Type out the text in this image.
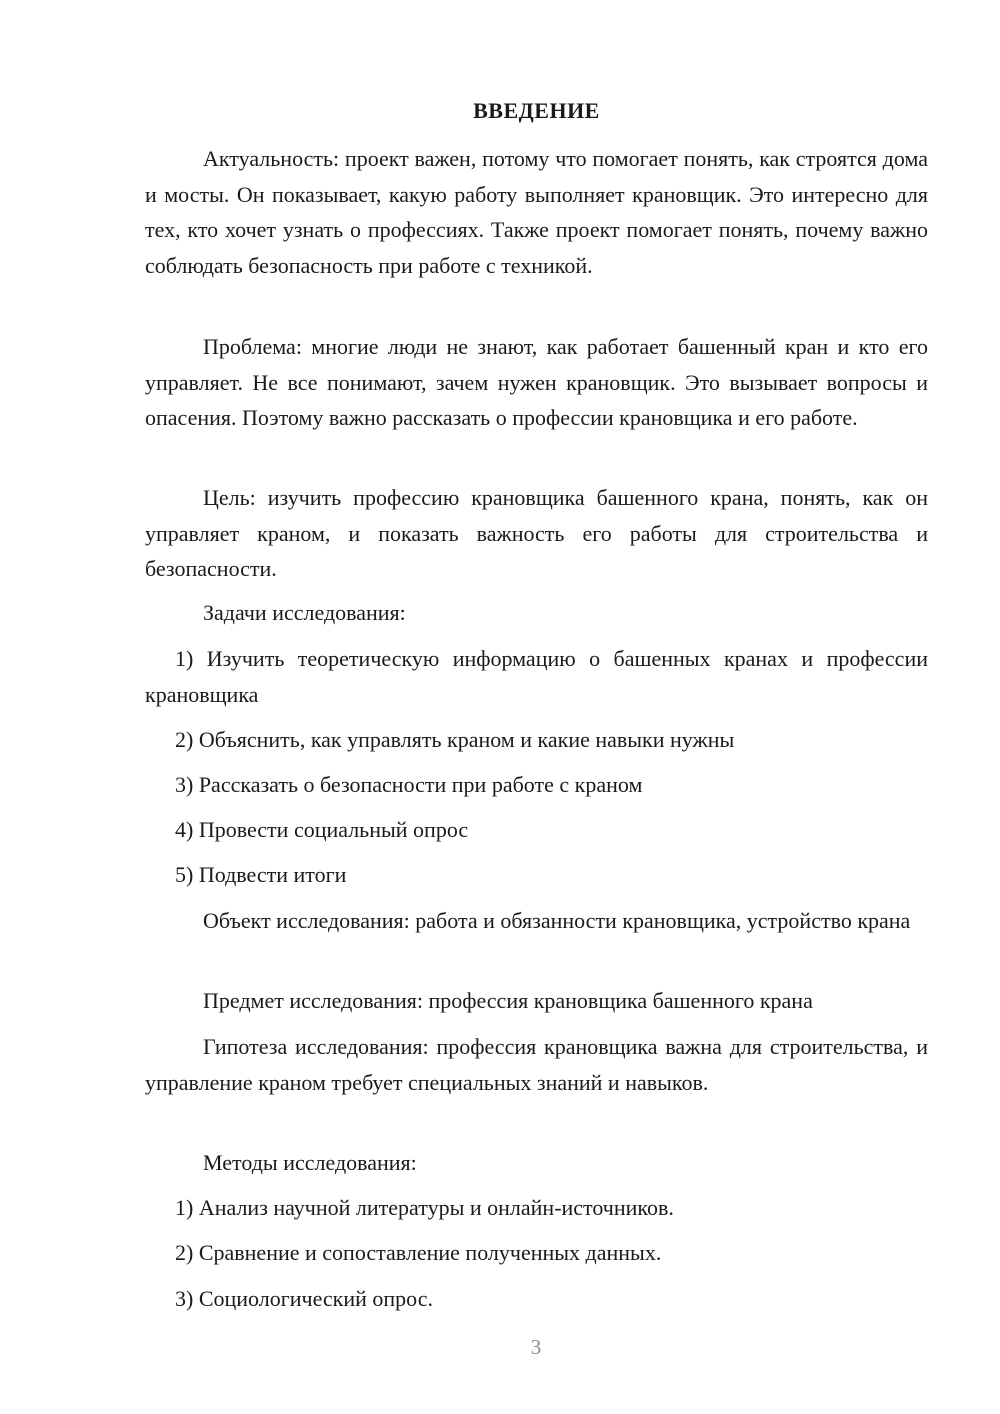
ВВЕДЕНИЕ

Актуальность: проект важен, потому что помогает понять, как строятся дома и мосты. Он показывает, какую работу выполняет крановщик. Это интересно для тех, кто хочет узнать о профессиях. Также проект помогает понять, почему важно соблюдать безопасность при работе с техникой.

Проблема: многие люди не знают, как работает башенный кран и кто его управляет. Не все понимают, зачем нужен крановщик. Это вызывает вопросы и опасения. Поэтому важно рассказать о профессии крановщика и его работе.

Цель: изучить профессию крановщика башенного крана, понять, как он управляет краном, и показать важность его работы для строительства и безопасности.

Задачи исследования:

1) Изучить теоретическую информацию о башенных кранах и профессии крановщика

2) Объяснить, как управлять краном и какие навыки нужны

3) Рассказать о безопасности при работе с краном

4) Провести социальный опрос

5) Подвести итоги

Объект исследования: работа и обязанности крановщика, устройство крана

Предмет исследования: профессия крановщика башенного крана

Гипотеза исследования: профессия крановщика важна для строительства, и управление краном требует специальных знаний и навыков.

Методы исследования:

1) Анализ научной литературы и онлайн-источников.

2) Сравнение и сопоставление полученных данных.

3) Социологический опрос.

3
